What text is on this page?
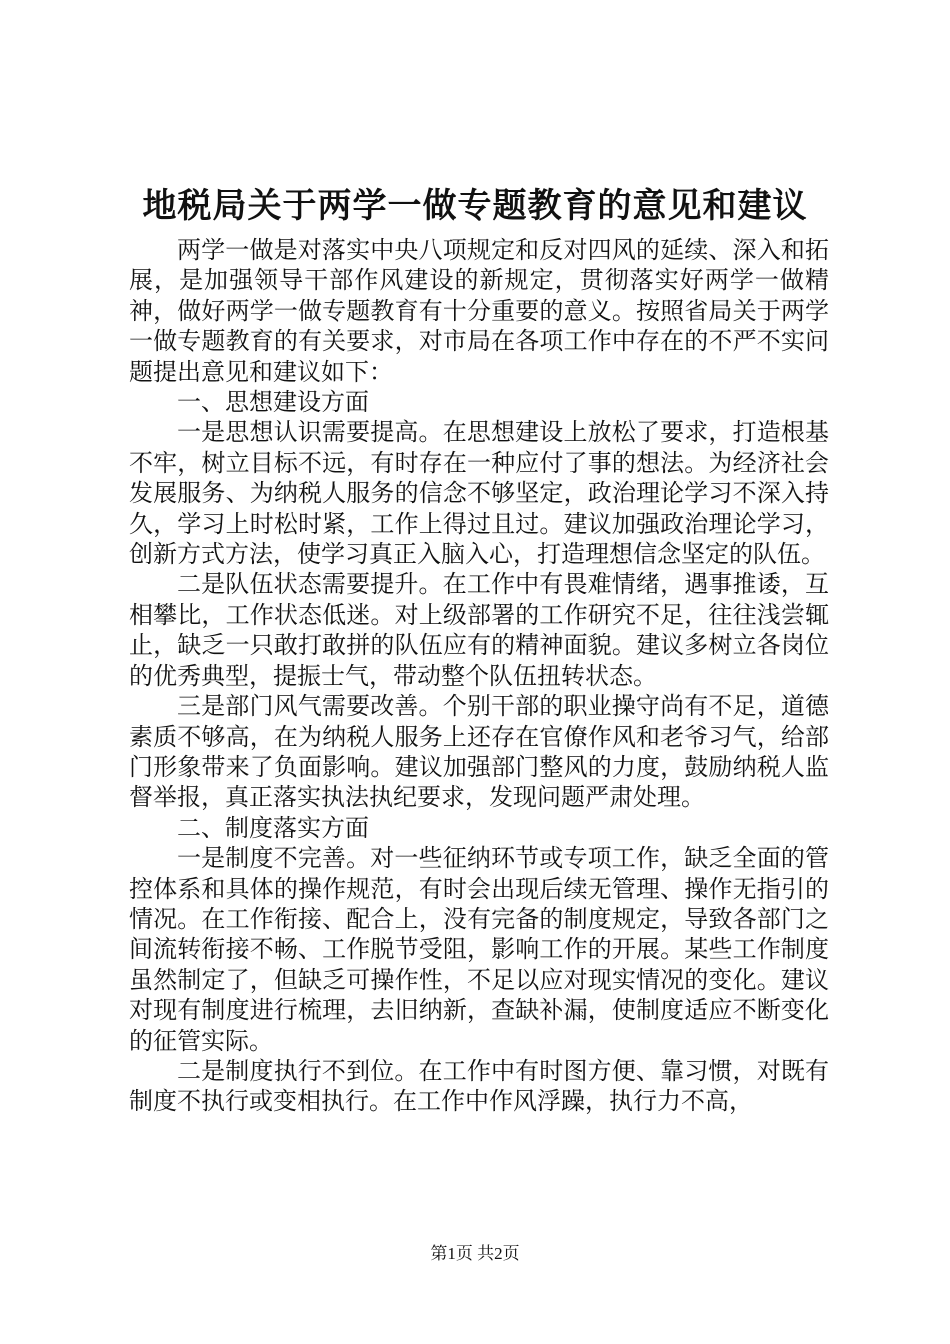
地税局关于两学一做专题教育的意见和建议

两学一做是对落实中央八项规定和反对四风的延续、深入和拓展，是加强领导干部作风建设的新规定，贯彻落实好两学一做精神，做好两学一做专题教育有十分重要的意义。按照省局关于两学一做专题教育的有关要求，对市局在各项工作中存在的不严不实问题提出意见和建议如下：

一、思想建设方面

一是思想认识需要提高。在思想建设上放松了要求，打造根基不牢，树立目标不远，有时存在一种应付了事的想法。为经济社会发展服务、为纳税人服务的信念不够坚定，政治理论学习不深入持久，学习上时松时紧，工作上得过且过。建议加强政治理论学习，创新方式方法，使学习真正入脑入心，打造理想信念坚定的队伍。

二是队伍状态需要提升。在工作中有畏难情绪，遇事推诿，互相攀比，工作状态低迷。对上级部署的工作研究不足，往往浅尝辄止，缺乏一只敢打敢拼的队伍应有的精神面貌。建议多树立各岗位的优秀典型，提振士气，带动整个队伍扭转状态。

三是部门风气需要改善。个别干部的职业操守尚有不足，道德素质不够高，在为纳税人服务上还存在官僚作风和老爷习气，给部门形象带来了负面影响。建议加强部门整风的力度，鼓励纳税人监督举报，真正落实执法执纪要求，发现问题严肃处理。

二、制度落实方面

一是制度不完善。对一些征纳环节或专项工作，缺乏全面的管控体系和具体的操作规范，有时会出现后续无管理、操作无指引的情况。在工作衔接、配合上，没有完备的制度规定，导致各部门之间流转衔接不畅、工作脱节受阻，影响工作的开展。某些工作制度虽然制定了，但缺乏可操作性，不足以应对现实情况的变化。建议对现有制度进行梳理，去旧纳新，查缺补漏，使制度适应不断变化的征管实际。

二是制度执行不到位。在工作中有时图方便、靠习惯，对既有制度不执行或变相执行。在工作中作风浮躁，执行力不高，

第1页 共2页
